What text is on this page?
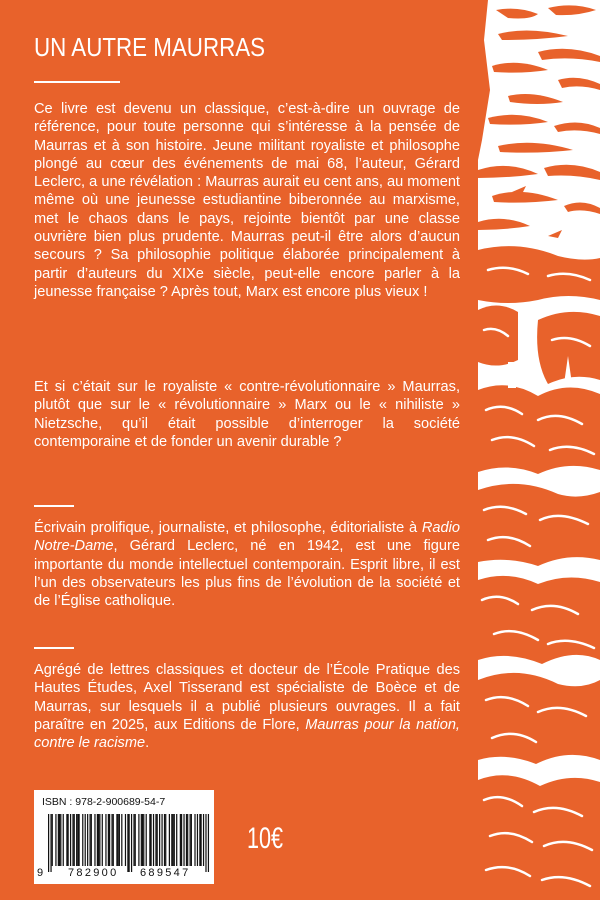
UN AUTRE MAURRAS

Ce livre est devenu un classique, c’est-à-dire un ouvrage de référence, pour toute personne qui s’intéresse à la pensée de Maurras et à son histoire. Jeune militant royaliste et philosophe plongé au cœur des événements de mai 68, l’auteur, Gérard Leclerc, a une révélation : Maurras aurait eu cent ans, au moment même où une jeunesse estudiantine biberonnée au marxisme, met le chaos dans le pays, rejointe bientôt par une classe ouvrière bien plus prudente. Maurras peut-il être alors d’aucun secours ? Sa philosophie politique élaborée principalement à partir d’auteurs du XIXe siècle, peut-elle encore parler à la jeunesse française ? Après tout, Marx est encore plus vieux !

Et si c’était sur le royaliste « contre-révolutionnaire » Maurras, plutôt que sur le « révolutionnaire » Marx ou le « nihiliste » Nietzsche, qu’il était possible d’interroger la société contemporaine et de fonder un avenir durable ?

Écrivain prolifique, journaliste, et philosophe, éditorialiste à Radio Notre-Dame, Gérard Leclerc, né en 1942, est une figure importante du monde intellectuel contemporain. Esprit libre, il est l’un des observateurs les plus fins de l’évolution de la société et de l’Église catholique.

Agrégé de lettres classiques et docteur de l’École Pratique des Hautes Études, Axel Tisserand est spécialiste de Boèce et de Maurras, sur lesquels il a publié plusieurs ouvrages. Il a fait paraître en 2025, aux Editions de Flore, Maurras pour la nation, contre le racisme.

ISBN : 978-2-900689-54-7
9 782900 689547
10€
